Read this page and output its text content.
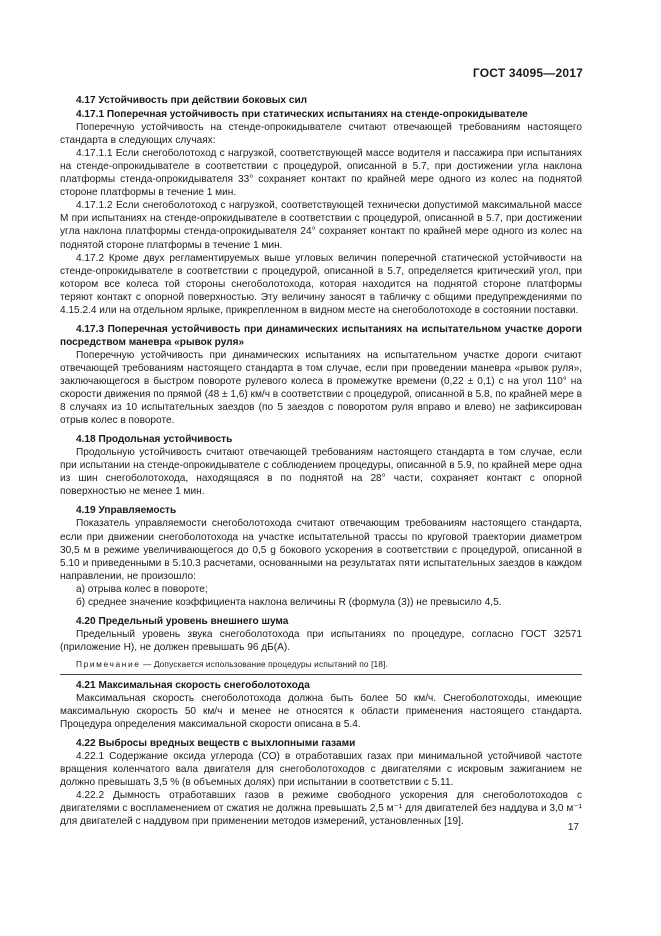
ГОСТ 34095—2017

4.17 Устойчивость при действии боковых сил

4.17.1 Поперечная устойчивость при статических испытаниях на стенде-опрокидывателе

Поперечную устойчивость на стенде-опрокидывателе считают отвечающей требованиям настоящего стандарта в следующих случаях:

4.17.1.1 Если снегоболотоход с нагрузкой, соответствующей массе водителя и пассажира при испытаниях на стенде-опрокидывателе в соответствии с процедурой, описанной в 5.7, при достижении угла наклона платформы стенда-опрокидывателя 33° сохраняет контакт по крайней мере одного из колес на поднятой стороне платформы в течение 1 мин.

4.17.1.2 Если снегоболотоход с нагрузкой, соответствующей технически допустимой максимальной массе М при испытаниях на стенде-опрокидывателе в соответствии с процедурой, описанной в 5.7, при достижении угла наклона платформы стенда-опрокидывателя 24° сохраняет контакт по крайней мере одного из колес на поднятой стороне платформы в течение 1 мин.

4.17.2 Кроме двух регламентируемых выше угловых величин поперечной статической устойчивости на стенде-опрокидывателе в соответствии с процедурой, описанной в 5.7, определяется критический угол, при котором все колеса той стороны снегоболотохода, которая находится на поднятой стороне платформы теряют контакт с опорной поверхностью. Эту величину заносят в табличку с общими предупреждениями по 4.15.2.4 или на отдельном ярлыке, прикрепленном в видном месте на снегоболотоходе в состоянии поставки.

4.17.3 Поперечная устойчивость при динамических испытаниях на испытательном участке дороги посредством маневра «рывок руля»

Поперечную устойчивость при динамических испытаниях на испытательном участке дороги считают отвечающей требованиям настоящего стандарта в том случае, если при проведении маневра «рывок руля», заключающегося в быстром повороте рулевого колеса в промежутке времени (0,22 ± 0,1) с на угол 110° на скорости движения по прямой (48 ± 1,6) км/ч в соответствии с процедурой, описанной в 5.8, по крайней мере в 8 случаях из 10 испытательных заездов (по 5 заездов с поворотом руля вправо и влево) не зафиксирован отрыв колес в повороте.

4.18 Продольная устойчивость

Продольную устойчивость считают отвечающей требованиям настоящего стандарта в том случае, если при испытании на стенде-опрокидывателе с соблюдением процедуры, описанной в 5.9, по крайней мере одна из шин снегоболотохода, находящаяся в по поднятой на 28° части, сохраняет контакт с опорной поверхностью не менее 1 мин.

4.19 Управляемость

Показатель управляемости снегоболотохода считают отвечающим требованиям настоящего стандарта, если при движении снегоболотохода на участке испытательной трассы по круговой траектории диаметром 30,5 м в режиме увеличивающегося до 0,5 g бокового ускорения в соответствии с процедурой, описанной в 5.10 и приведенными в 5.10.3 расчетами, основанными на результатах пяти испытательных заездов в каждом направлении, не произошло:

а) отрыва колес в повороте;

б) среднее значение коэффициента наклона величины R (формула (3)) не превысило 4,5.

4.20 Предельный уровень внешнего шума

Предельный уровень звука снегоболотохода при испытаниях по процедуре, согласно ГОСТ 32571 (приложение Н), не должен превышать 96 дБ(А).

Примечание — Допускается использование процедуры испытаний по [18].

4.21 Максимальная скорость снегоболотохода

Максимальная скорость снегоболотохода должна быть более 50 км/ч. Снегоболотоходы, имеющие максимальную скорость 50 км/ч и менее не относятся к области применения настоящего стандарта. Процедура определения максимальной скорости описана в 5.4.

4.22 Выбросы вредных веществ с выхлопными газами

4.22.1 Содержание оксида углерода (СО) в отработавших газах при минимальной устойчивой частоте вращения коленчатого вала двигателя для снегоболотоходов с двигателями с искровым зажиганием не должно превышать 3,5 % (в объемных долях) при испытании в соответствии с 5.11.

4.22.2 Дымность отработавших газов в режиме свободного ускорения для снегоболотоходов с двигателями с воспламенением от сжатия не должна превышать 2,5 м⁻¹ для двигателей без наддува и 3,0 м⁻¹ для двигателей с наддувом при применении методов измерений, установленных [19].

17
